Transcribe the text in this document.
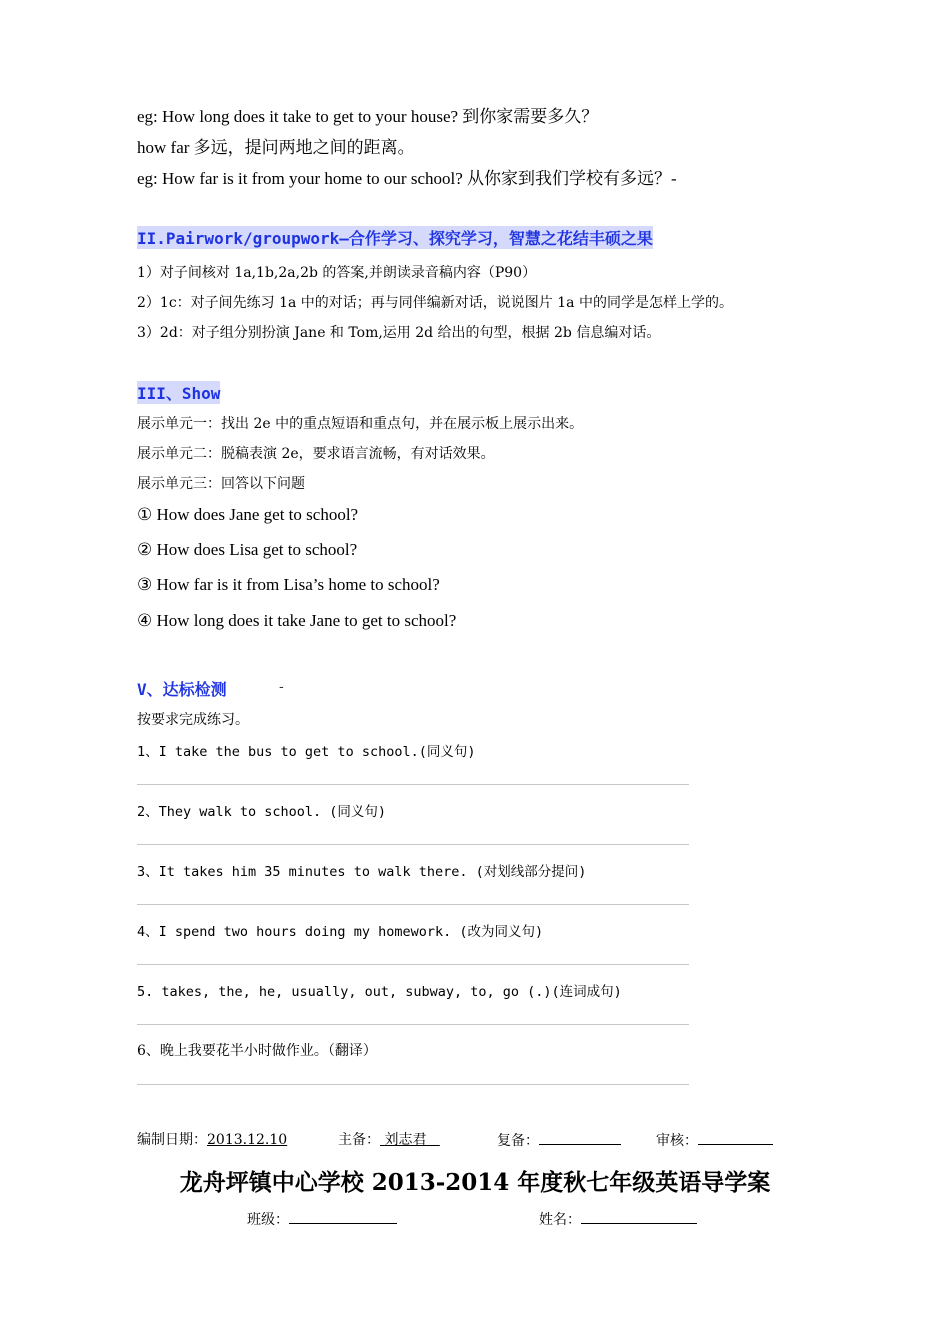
eg: How long does it take to get to your house? 到你家需要多久？
how far 多远，提问两地之间的距离。
eg: How far is it from your home to our school? 从你家到我们学校有多远？-
II.Pairwork/groupwork—合作学习、探究学习，智慧之花结丰硕之果
1）对子间核对 1a,1b,2a,2b 的答案,并朗读录音稿内容（P90）
2）1c：对子间先练习 1a 中的对话；再与同伴编新对话，说说图片 1a 中的同学是怎样上学的。
3）2d：对子组分别扮演 Jane 和 Tom,运用 2d 给出的句型，根据 2b 信息编对话。
III、Show
展示单元一：找出 2e 中的重点短语和重点句，并在展示板上展示出来。
展示单元二：脱稿表演 2e，要求语言流畅，有对话效果。
展示单元三：回答以下问题
① How does Jane get to school?
② How does Lisa get to school?
③ How far is it from Lisa’s home to school?
④ How long does it take Jane to get to school?
V、达标检测	-
按要求完成练习。
1、I take the bus to get to school.(同义句)
2、They walk to school. (同义句)
3、It takes him 35 minutes to walk there. (对划线部分提问)
4、I spend two hours doing my homework. (改为同义句)
5. takes, the, he, usually, out, subway, to, go (.)(连词成句)
6、晚上我要花半小时做作业。（翻译）
编制日期：2013.12.10	主备： 刘志君	复备：	审核：
龙舟坪镇中心学校 2013-2014 年度秋七年级英语导学案
班级：	姓名：
